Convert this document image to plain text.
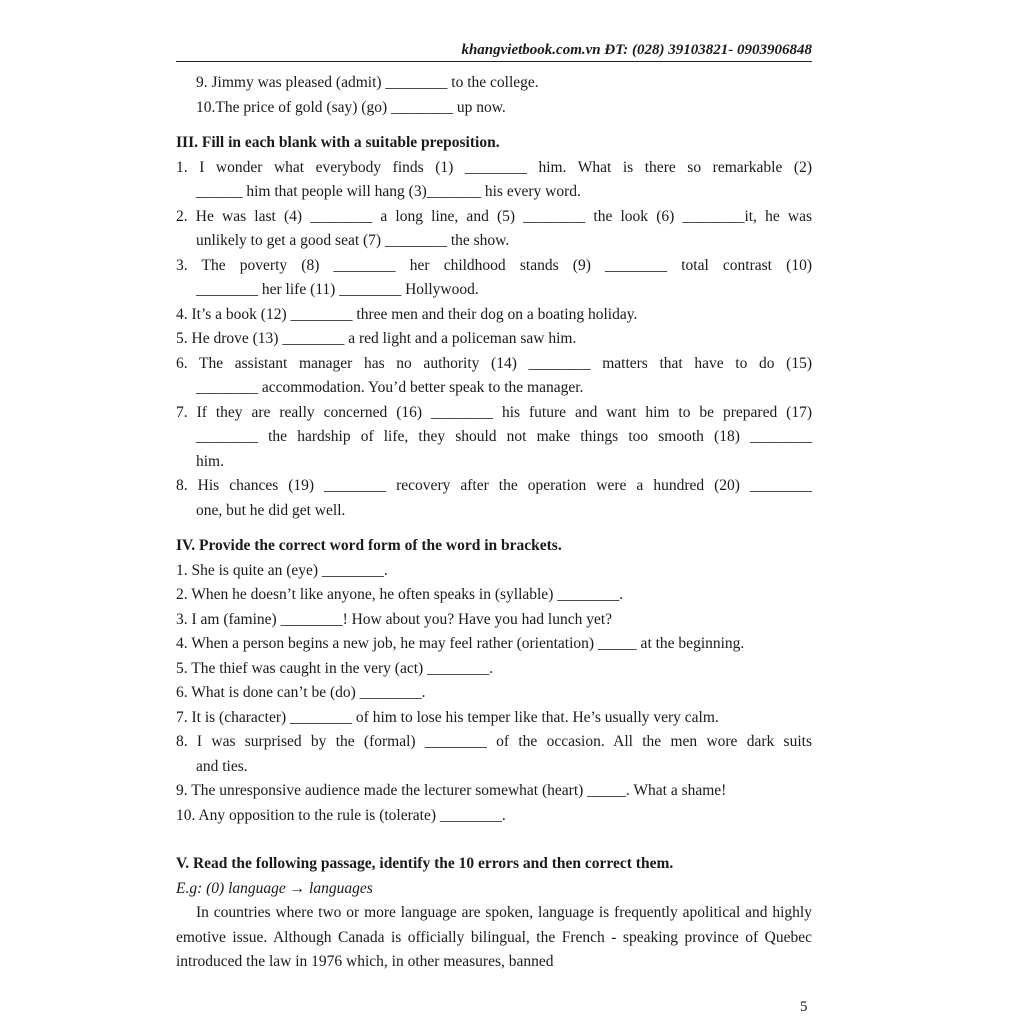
khangvietbook.com.vn ĐT: (028) 39103821- 0903906848
9. Jimmy was pleased (admit) ________ to the college.
10.The price of gold (say) (go) ________ up now.
III. Fill in each blank with a suitable preposition.
1. I wonder what everybody finds (1) ________ him. What is there so remarkable (2)
______ him that people will hang (3)_______ his every word.
2. He was last (4) ________ a long line, and (5) ________ the look (6) ________it, he was
unlikely to get a good seat (7) ________ the show.
3. The poverty (8) ________ her childhood stands (9) ________ total contrast (10)
________ her life (11) ________ Hollywood.
4. It’s a book (12) ________ three men and their dog on a boating holiday.
5. He drove (13) ________ a red light and a policeman saw him.
6. The assistant manager has no authority (14) ________ matters that have to do (15)
________ accommodation. You’d better speak to the manager.
7. If they are really concerned (16) ________ his future and want him to be prepared (17)
________ the hardship of life, they should not make things too smooth (18) ________
him.
8. His chances (19) ________ recovery after the operation were a hundred (20) ________
one, but he did get well.
IV. Provide the correct word form of the word in brackets.
1. She is quite an (eye) ________.
2. When he doesn’t like anyone, he often speaks in (syllable) ________.
3. I am (famine) ________! How about you? Have you had lunch yet?
4. When a person begins a new job, he may feel rather (orientation) _____ at the beginning.
5. The thief was caught in the very (act) ________.
6. What is done can’t be (do) ________.
7. It is (character) ________ of him to lose his temper like that. He’s usually very calm.
8. I was surprised by the (formal) ________ of the occasion. All the men wore dark suits
and ties.
9. The unresponsive audience made the lecturer somewhat (heart) _____. What a shame!
10. Any opposition to the rule is (tolerate) ________.
V. Read the following passage, identify the 10 errors and then correct them.
E.g: (0) language → languages
In countries where two or more language are spoken, language is frequently apolitical and highly emotive issue. Although Canada is officially bilingual, the French - speaking province of Quebec introduced the law in 1976 which, in other measures, banned
5
